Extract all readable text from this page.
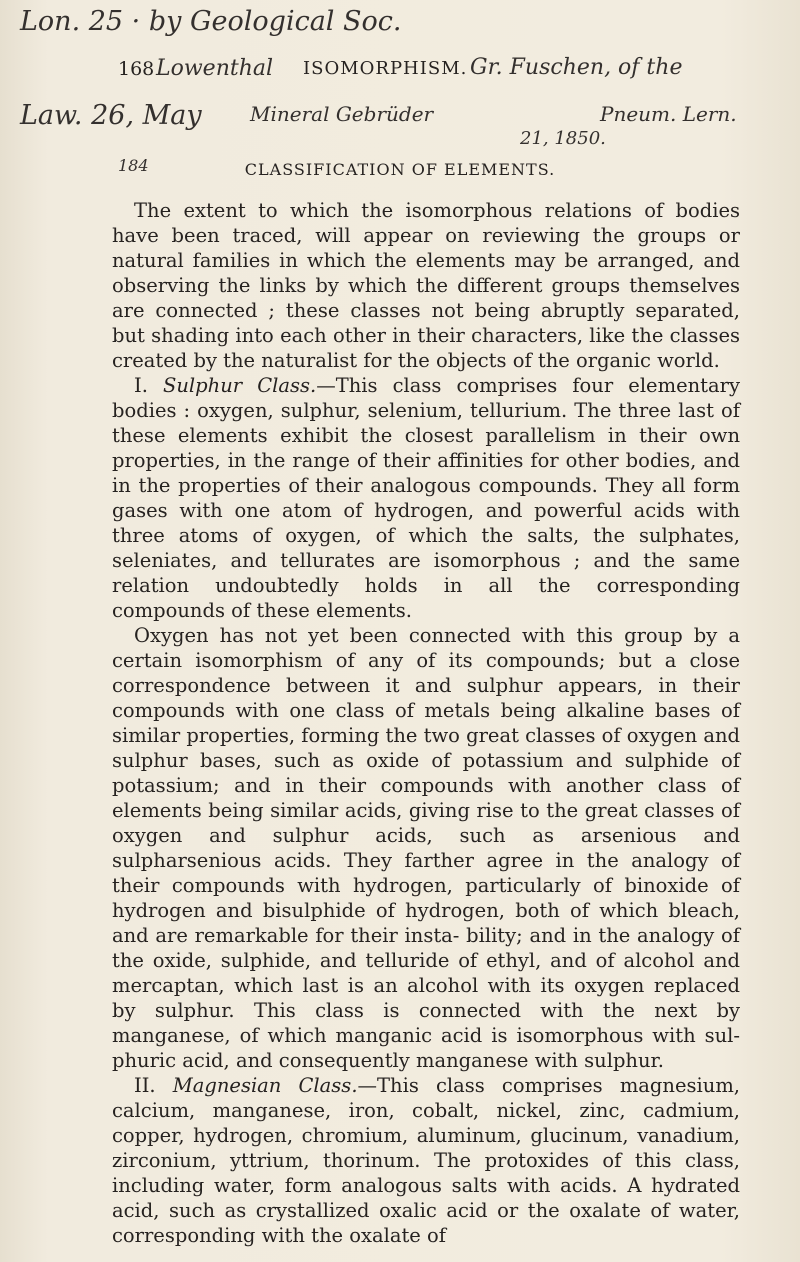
Lon. 25 · by Geological Soc.
Lowenthal	Gr. Fuschen, of the
Law. 26, May Mineral Gebrüder	Pneum. Lern.
21, 1850.
184
168	ISOMORPHISM.
CLASSIFICATION OF ELEMENTS.

The extent to which the isomorphous relations of bodies have been traced, will appear on reviewing the groups or natural families in which the elements may be arranged, and observing the links by which the different groups themselves are connected ; these classes not being abruptly separated, but shading into each other in their characters, like the classes created by the naturalist for the objects of the organic world.

I. Sulphur Class.—This class comprises four elementary bodies : oxygen, sulphur, selenium, tellurium. The three last of these elements exhibit the closest parallelism in their own properties, in the range of their affinities for other bodies, and in the properties of their analogous compounds. They all form gases with one atom of hydrogen, and powerful acids with three atoms of oxygen, of which the salts, the sulphates, seleniates, and tellurates are isomorphous ; and the same relation undoubtedly holds in all the corresponding compounds of these elements.

Oxygen has not yet been connected with this group by a certain isomorphism of any of its compounds; but a close correspondence between it and sulphur appears, in their compounds with one class of metals being alkaline bases of similar properties, forming the two great classes of oxygen and sulphur bases, such as oxide of potassium and sulphide of potassium; and in their compounds with another class of elements being similar acids, giving rise to the great classes of oxygen and sulphur acids, such as arsenious and sulpharsenious acids. They farther agree in the analogy of their compounds with hydrogen, particularly of binoxide of hydrogen and bisulphide of hydrogen, both of which bleach, and are remarkable for their insta- bility; and in the analogy of the oxide, sulphide, and telluride of ethyl, and of alcohol and mercaptan, which last is an alcohol with its oxygen replaced by sulphur. This class is connected with the next by manganese, of which manganic acid is isomorphous with sul- phuric acid, and consequently manganese with sulphur.

II. Magnesian Class.—This class comprises magnesium, calcium, manganese, iron, cobalt, nickel, zinc, cadmium, copper, hydrogen, chromium, aluminum, glucinum, vanadium, zirconium, yttrium, thorinum. The protoxides of this class, including water, form analogous salts with acids. A hydrated acid, such as crystallized oxalic acid or the oxalate of water, corresponding with the oxalate of
